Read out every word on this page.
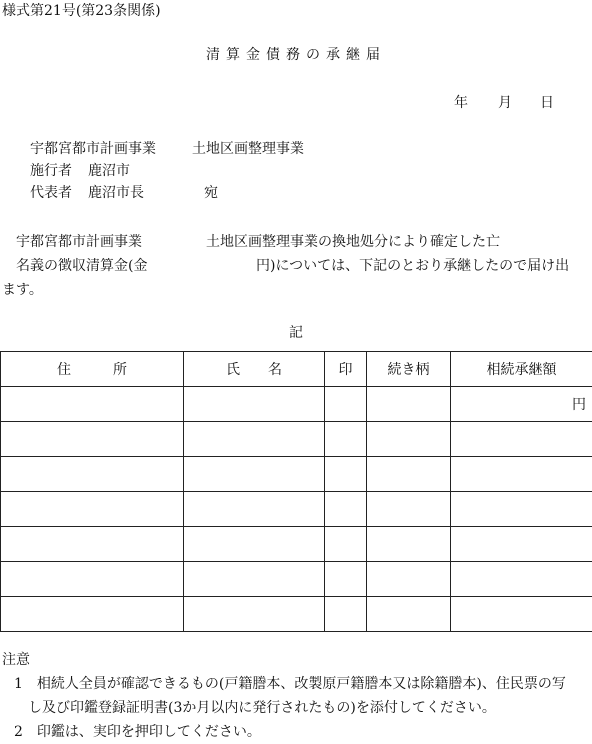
様式第21号(第23条関係)
清算金債務の承継届
年 月 日
宇都宮都市計画事業	土地区画整理事業
施行者 鹿沼市
代表者 鹿沼市長	宛
宇都宮都市計画事業	土地区画整理事業の換地処分により確定した亡
名義の徴収清算金(金	円)については、下記のとおり承継したので届け出
ます。
記
住　　　所	氏　　名	印	続き柄	相続承継額
				円

注意
1　相続人全員が確認できるもの(戸籍謄本、改製原戸籍謄本又は除籍謄本)、住民票の写
　し及び印鑑登録証明書(3か月以内に発行されたもの)を添付してください。
2　印鑑は、実印を押印してください。
